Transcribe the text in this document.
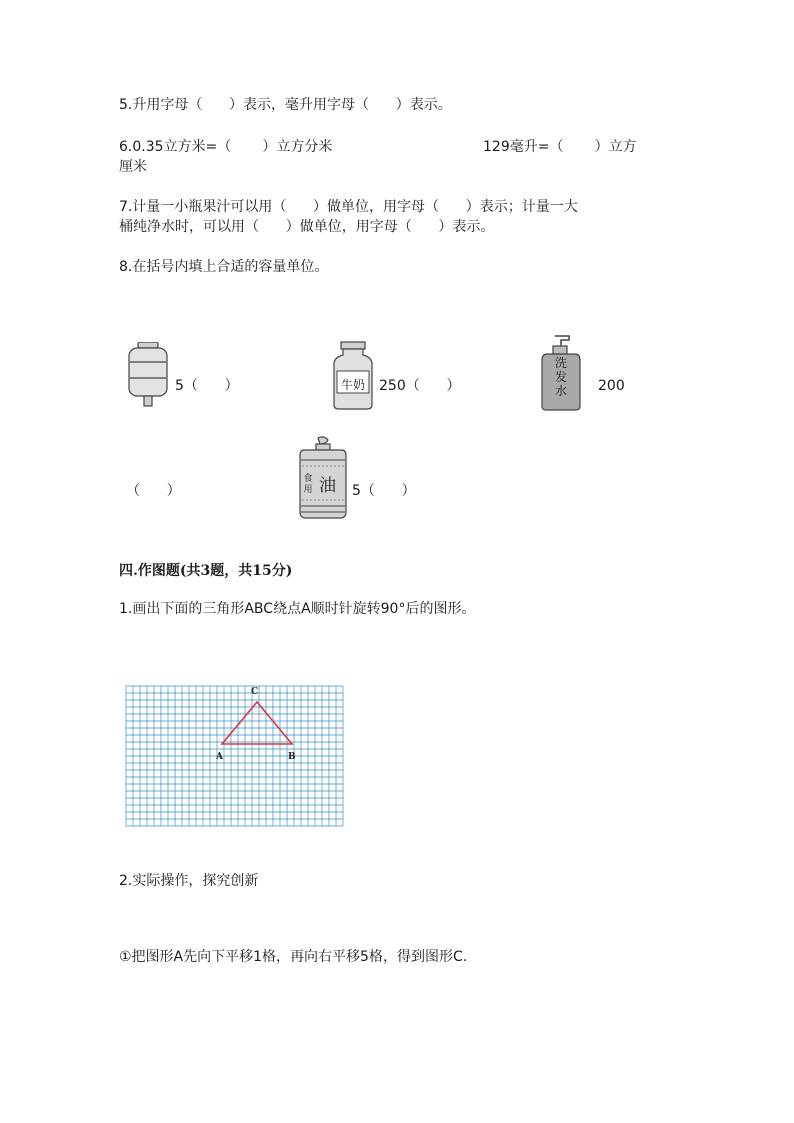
5.升用字母（      ）表示，毫升用字母（      ）表示。
6.0.35立方米=（       ）立方分米	129毫升=（       ）立方
厘米
7.计量一小瓶果汁可以用（      ）做单位，用字母（      ）表示；计量一大
桶纯净水时，可以用（      ）做单位，用字母（      ）表示。
8.在括号内填上合适的容量单位。
5（      ）	牛奶	250（      ）
洗
发
水 200
（      ）
食
用 油 5（      ）
四.作图题(共3题，共15分)
1.画出下面的三角形ABC绕点A顺时针旋转90°后的图形。
C
A	B
2.实际操作，探究创新
①把图形A先向下平移1格，再向右平移5格，得到图形C.
